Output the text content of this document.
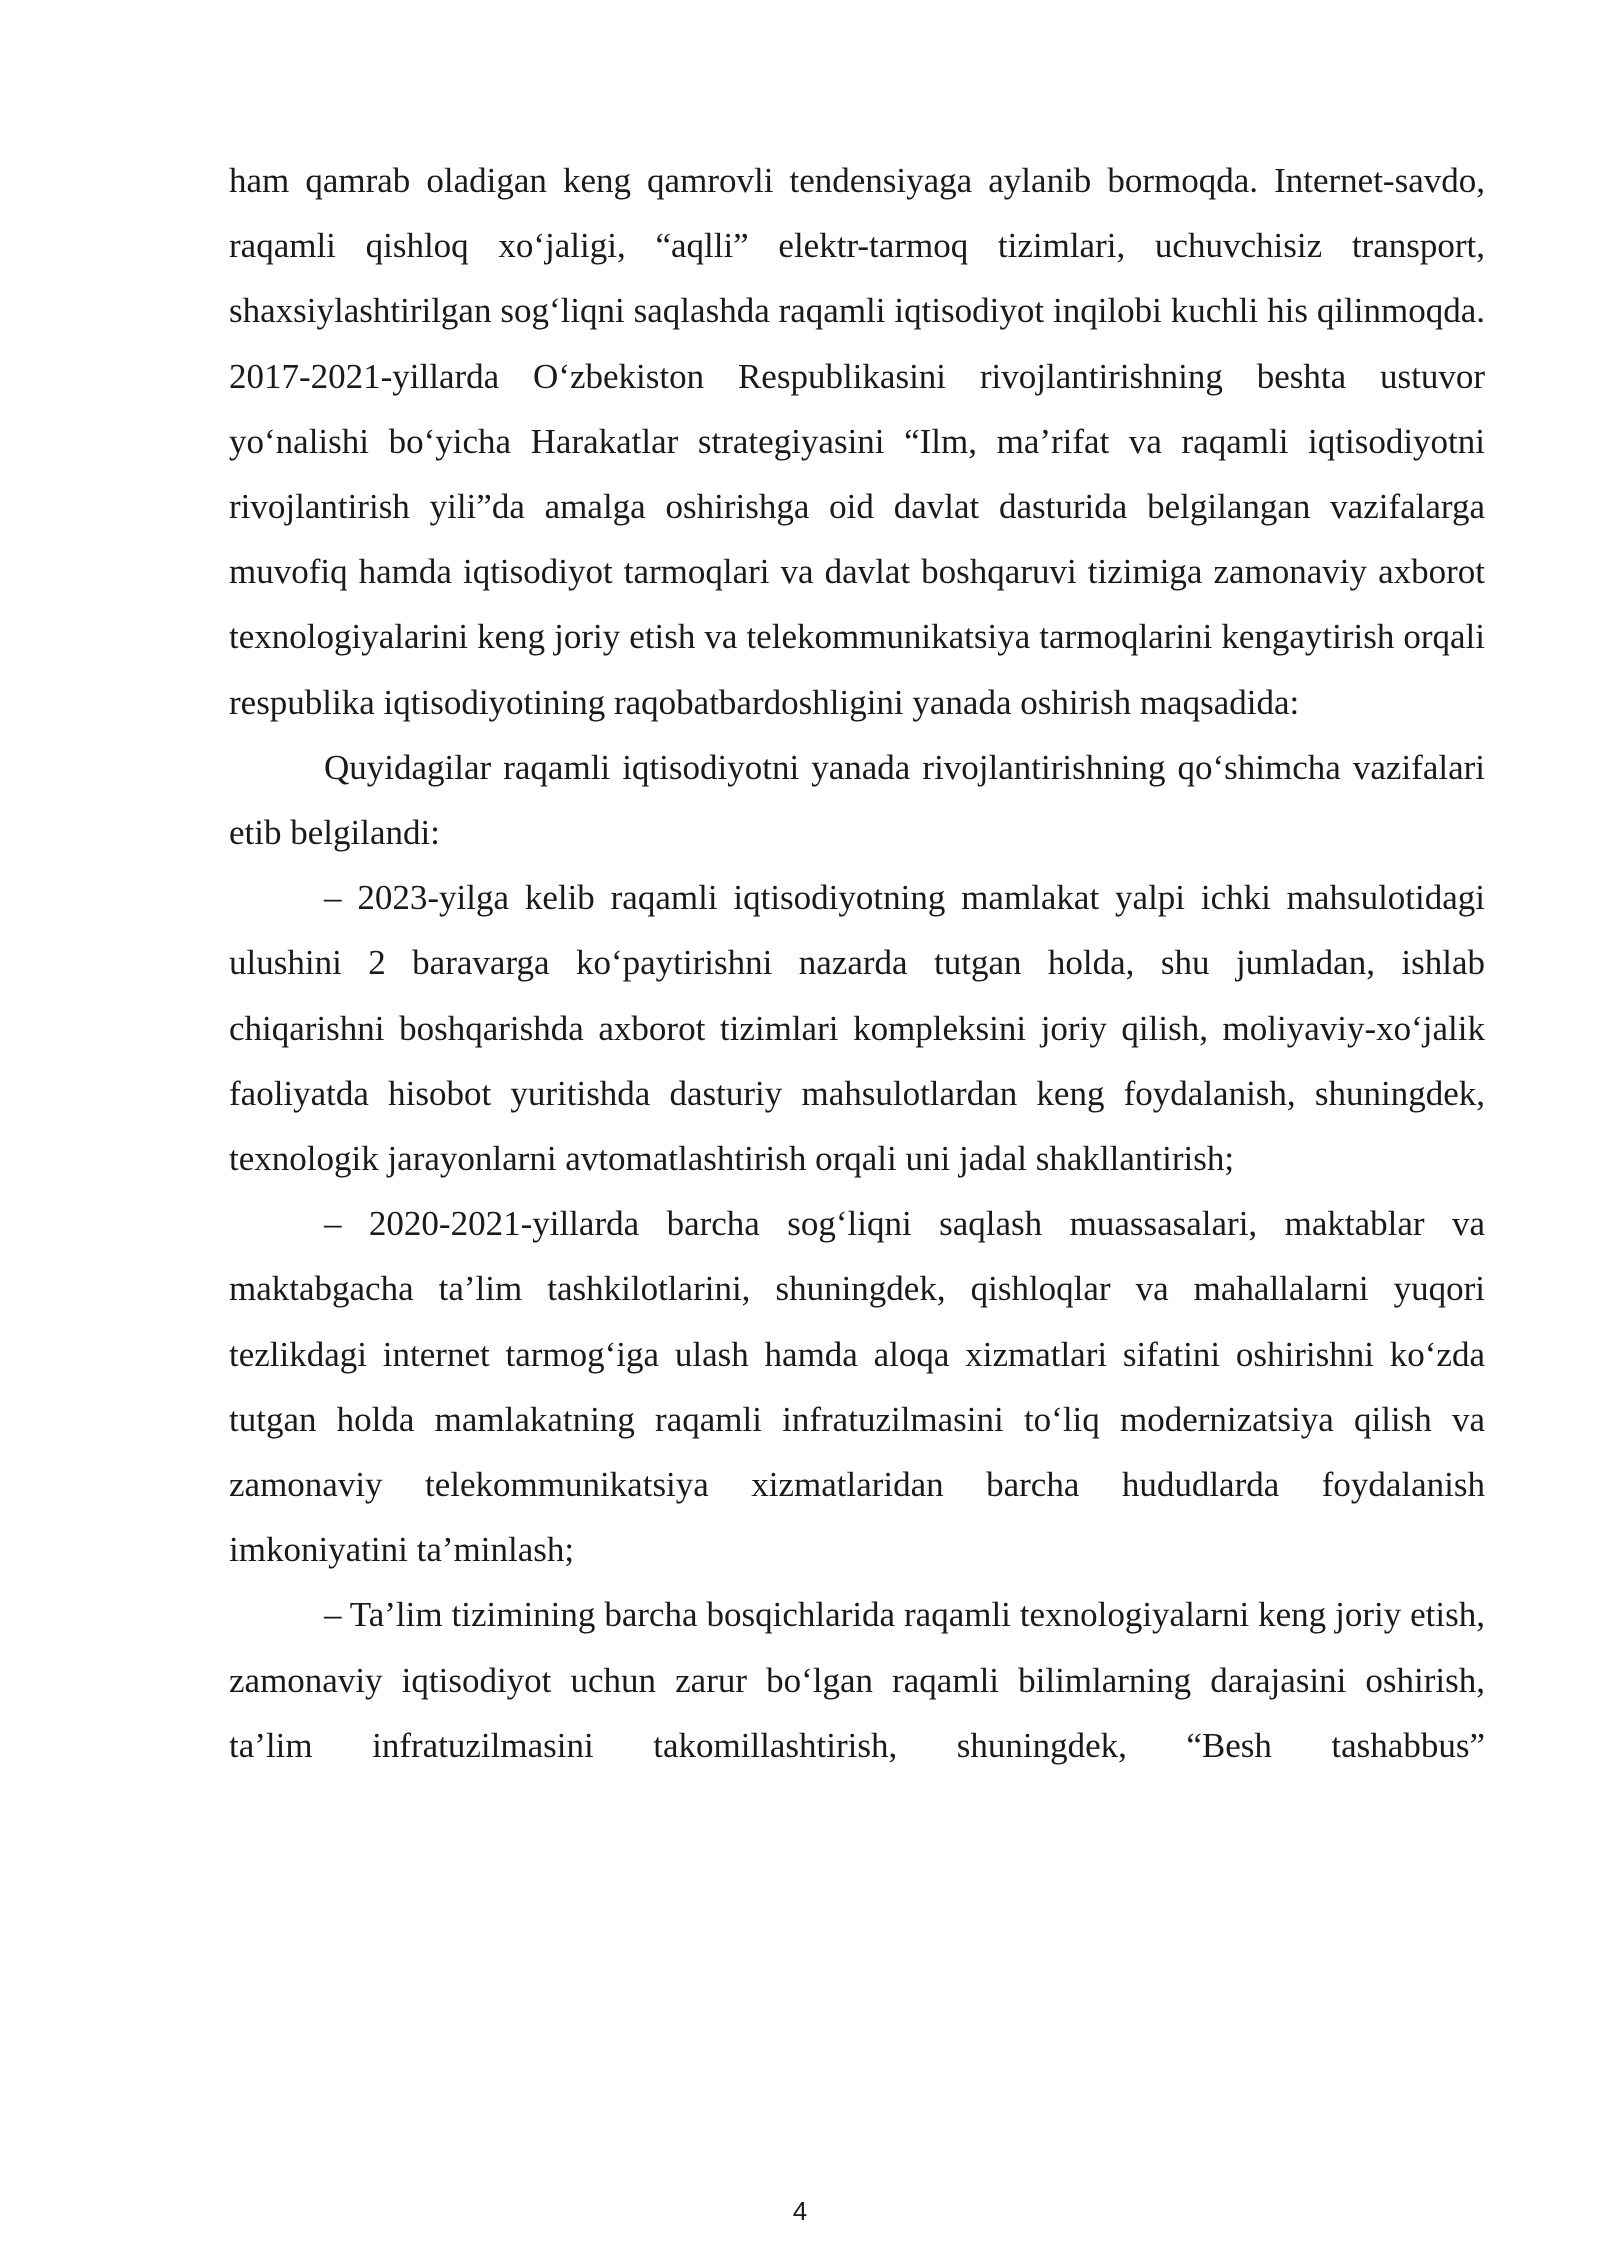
ham qamrab oladigan keng qamrovli tendensiyaga aylanib bormoqda. Internet-savdo, raqamli qishloq xo‘jaligi, “aqlli” elektr-tarmoq tizimlari, uchuvchisiz transport, shaxsiylashtirilgan sog‘liqni saqlashda raqamli iqtisodiyot inqilobi kuchli his qilinmoqda. 2017-2021-yillarda O‘zbekiston Respublikasini rivojlantirishning beshta ustuvor yo‘nalishi bo‘yicha Harakatlar strategiyasini “Ilm, ma’rifat va raqamli iqtisodiyotni rivojlantirish yili”da amalga oshirishga oid davlat dasturida belgilangan vazifalarga muvofiq hamda iqtisodiyot tarmoqlari va davlat boshqaruvi tizimiga zamonaviy axborot texnologiyalarini keng joriy etish va telekommunikatsiya tarmoqlarini kengaytirish orqali respublika iqtisodiyotining raqobatbardoshligini yanada oshirish maqsadida:

Quyidagilar raqamli iqtisodiyotni yanada rivojlantirishning qo‘shimcha vazifalari etib belgilandi:

– 2023-yilga kelib raqamli iqtisodiyotning mamlakat yalpi ichki mahsulotidagi ulushini 2 baravarga ko‘paytirishni nazarda tutgan holda, shu jumladan, ishlab chiqarishni boshqarishda axborot tizimlari kompleksini joriy qilish, moliyaviy-xo‘jalik faoliyatda hisobot yuritishda dasturiy mahsulotlardan keng foydalanish, shuningdek, texnologik jarayonlarni avtomatlashtirish orqali uni jadal shakllantirish;

– 2020-2021-yillarda barcha sog‘liqni saqlash muassasalari, maktablar va maktabgacha ta’lim tashkilotlarini, shuningdek, qishloqlar va mahallalarni yuqori tezlikdagi internet tarmog‘iga ulash hamda aloqa xizmatlari sifatini oshirishni ko‘zda tutgan holda mamlakatning raqamli infratuzilmasini to‘liq modernizatsiya qilish va zamonaviy telekommunikatsiya xizmatlaridan barcha hududlarda foydalanish imkoniyatini ta’minlash;

– Ta’lim tizimining barcha bosqichlarida raqamli texnologiyalarni keng joriy etish, zamonaviy iqtisodiyot uchun zarur bo‘lgan raqamli bilimlarning darajasini oshirish, ta’lim infratuzilmasini takomillashtirish, shuningdek, “Besh tashabbus”

4
